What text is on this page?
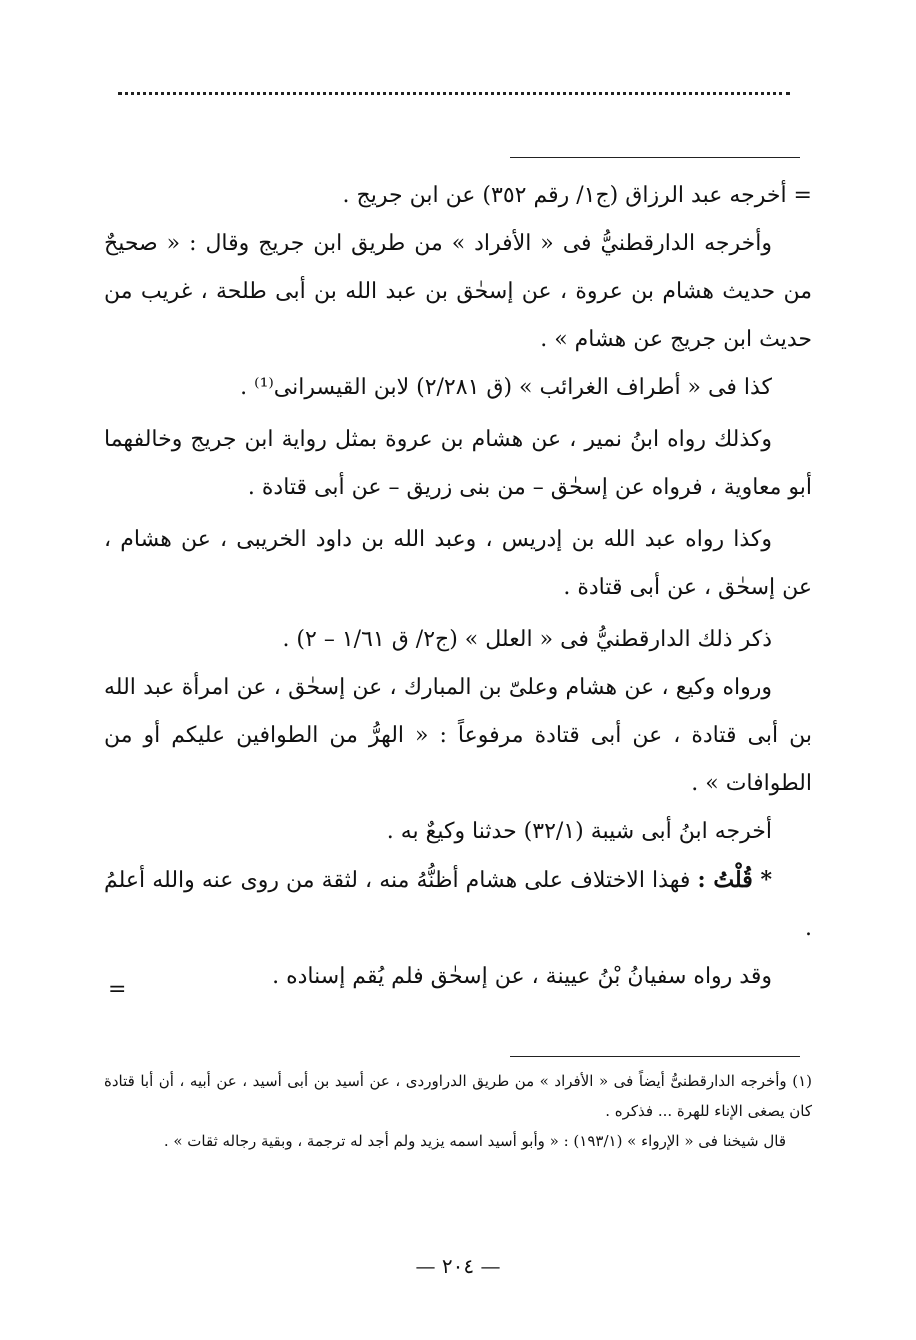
= أخرجه عبد الرزاق (ج١/ رقم ٣٥٢) عن ابن جريج .

وأخرجه الدارقطنيُّ فى « الأفراد » من طريق ابن جريج وقال : « صحيحٌ من حديث هشام بن عروة ، عن إسحٰق بن عبد الله بن أبى طلحة ، غريب من حديث ابن جريج عن هشام » .

كذا فى « أطراف الغرائب » (ق ٢/٢٨١) لابن القيسرانى⁽¹⁾ .

وكذلك رواه ابنُ نمير ، عن هشام بن عروة بمثل رواية ابن جريج وخالفهما أبو معاوية ، فرواه عن إسحٰق – من بنى زريق – عن أبى قتادة .

وكذا رواه عبد الله بن إدريس ، وعبد الله بن داود الخريبى ، عن هشام ، عن إسحٰق ، عن أبى قتادة .

ذكر ذلك الدارقطنيُّ فى « العلل » (ج٢/ ق ١/٦١ – ٢) .

ورواه وكيع ، عن هشام وعلىّ بن المبارك ، عن إسحٰق ، عن امرأة عبد الله بن أبى قتادة ، عن أبى قتادة مرفوعاً : « الهرُّ من الطوافين عليكم أو من الطوافات » .

أخرجه ابنُ أبى شيبة (٣٢/١) حدثنا وكيعٌ به .

* قُلْتُ : فهذا الاختلاف على هشام أظنُّهُ منه ، لثقة من روى عنه والله أعلمُ .

وقد رواه سفيانُ بْنُ عيينة ، عن إسحٰق فلم يُقم إسناده .

=

(١) وأخرجه الدارقطنىُّ أيضاً فى « الأفراد » من طريق الدراوردى ، عن أسيد بن أبى أسيد ، عن أبيه ، أن أبا قتادة كان يصغى الإناء للهرة ... فذكره .

قال شيخنا فى « الإرواء » (١٩٣/١) : « وأبو أسيد اسمه يزيد ولم أجد له ترجمة ، وبقية رجاله ثقات » .

— ٢٠٤ —
